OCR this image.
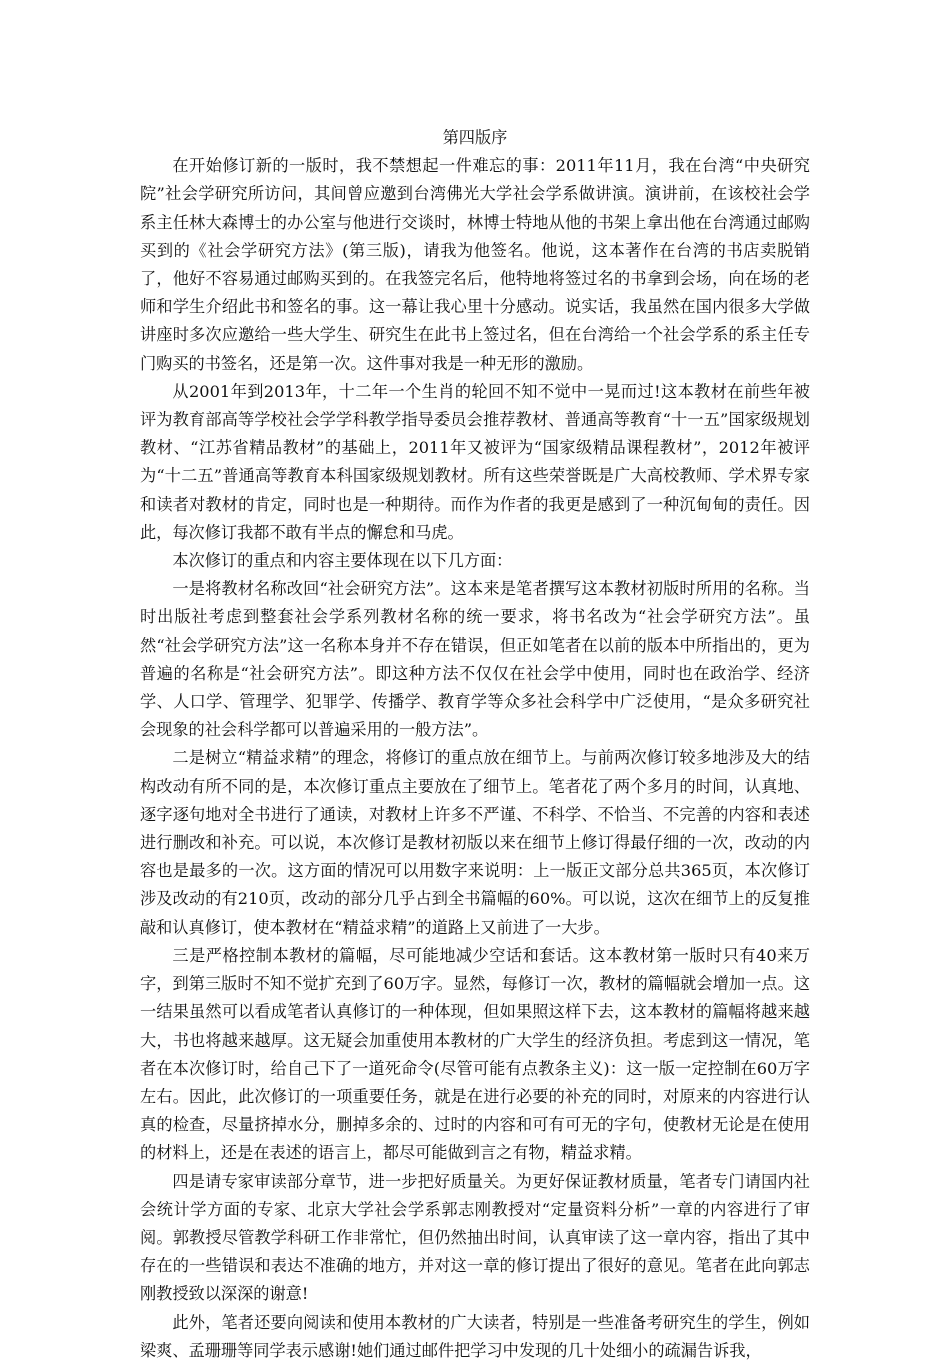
第四版序

在开始修订新的一版时，我不禁想起一件难忘的事：2011年11月，我在台湾“中央研究院”社会学研究所访问，其间曾应邀到台湾佛光大学社会学系做讲演。演讲前，在该校社会学系主任林大森博士的办公室与他进行交谈时，林博士特地从他的书架上拿出他在台湾通过邮购买到的《社会学研究方法》(第三版)，请我为他签名。他说，这本著作在台湾的书店卖脱销了，他好不容易通过邮购买到的。在我签完名后，他特地将签过名的书拿到会场，向在场的老师和学生介绍此书和签名的事。这一幕让我心里十分感动。说实话，我虽然在国内很多大学做讲座时多次应邀给一些大学生、研究生在此书上签过名，但在台湾给一个社会学系的系主任专门购买的书签名，还是第一次。这件事对我是一种无形的激励。

从2001年到2013年，十二年一个生肖的轮回不知不觉中一晃而过!这本教材在前些年被评为教育部高等学校社会学学科教学指导委员会推荐教材、普通高等教育“十一五”国家级规划教材、“江苏省精品教材”的基础上，2011年又被评为“国家级精品课程教材”，2012年被评为“十二五”普通高等教育本科国家级规划教材。所有这些荣誉既是广大高校教师、学术界专家和读者对教材的肯定，同时也是一种期待。而作为作者的我更是感到了一种沉甸甸的责任。因此，每次修订我都不敢有半点的懈怠和马虎。

本次修订的重点和内容主要体现在以下几方面：

一是将教材名称改回“社会研究方法”。这本来是笔者撰写这本教材初版时所用的名称。当时出版社考虑到整套社会学系列教材名称的统一要求，将书名改为“社会学研究方法”。虽然“社会学研究方法”这一名称本身并不存在错误，但正如笔者在以前的版本中所指出的，更为普遍的名称是“社会研究方法”。即这种方法不仅仅在社会学中使用，同时也在政治学、经济学、人口学、管理学、犯罪学、传播学、教育学等众多社会科学中广泛使用，“是众多研究社会现象的社会科学都可以普遍采用的一般方法”。

二是树立“精益求精”的理念，将修订的重点放在细节上。与前两次修订较多地涉及大的结构改动有所不同的是，本次修订重点主要放在了细节上。笔者花了两个多月的时间，认真地、逐字逐句地对全书进行了通读，对教材上许多不严谨、不科学、不恰当、不完善的内容和表述进行删改和补充。可以说，本次修订是教材初版以来在细节上修订得最仔细的一次，改动的内容也是最多的一次。这方面的情况可以用数字来说明：上一版正文部分总共365页，本次修订涉及改动的有210页，改动的部分几乎占到全书篇幅的60%。可以说，这次在细节上的反复推敲和认真修订，使本教材在“精益求精”的道路上又前进了一大步。

三是严格控制本教材的篇幅，尽可能地减少空话和套话。这本教材第一版时只有40来万字，到第三版时不知不觉扩充到了60万字。显然，每修订一次，教材的篇幅就会增加一点。这一结果虽然可以看成笔者认真修订的一种体现，但如果照这样下去，这本教材的篇幅将越来越大，书也将越来越厚。这无疑会加重使用本教材的广大学生的经济负担。考虑到这一情况，笔者在本次修订时，给自己下了一道死命令(尽管可能有点教条主义)：这一版一定控制在60万字左右。因此，此次修订的一项重要任务，就是在进行必要的补充的同时，对原来的内容进行认真的检查，尽量挤掉水分，删掉多余的、过时的内容和可有可无的字句，使教材无论是在使用的材料上，还是在表述的语言上，都尽可能做到言之有物，精益求精。

四是请专家审读部分章节，进一步把好质量关。为更好保证教材质量，笔者专门请国内社会统计学方面的专家、北京大学社会学系郭志刚教授对“定量资料分析”一章的内容进行了审阅。郭教授尽管教学科研工作非常忙，但仍然抽出时间，认真审读了这一章内容，指出了其中存在的一些错误和表达不准确的地方，并对这一章的修订提出了很好的意见。笔者在此向郭志刚教授致以深深的谢意!

此外，笔者还要向阅读和使用本教材的广大读者，特别是一些准备考研究生的学生，例如梁爽、孟珊珊等同学表示感谢!她们通过邮件把学习中发现的几十处细小的疏漏告诉我，
